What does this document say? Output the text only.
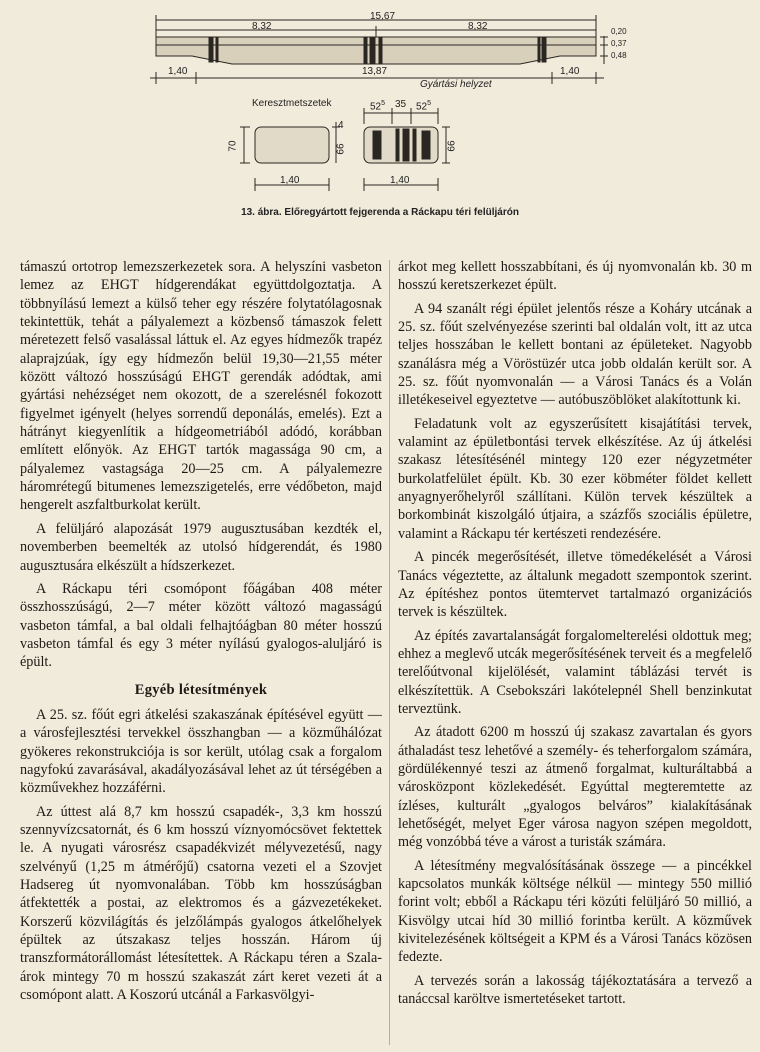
15,67
8,32	8,32	0,20
0,37
0,48
1,40	13,87	1,40
Gyártási helyzet
Keresztmetszetek
70
4
66
1,40
$52^5$ 35 $52^5$
66
1,40
13. ábra. Előregyártott fejgerenda a Ráckapu téri felüljárón

támaszú ortotrop lemezszerkezetek sora. A helyszíni vasbeton lemez az EHGT hídgerendákat együttdolgoztatja. A többnyílású lemezt a külső teher egy részére folytatólagosnak tekintettük, tehát a pályalemezt a közbenső támaszok felett méretezett felső vasalással láttuk el. Az egyes hídmezők trapéz alaprajzúak, így egy hídmezőn belül 19,30—21,55 méter között változó hosszúságú EHGT gerendák adódtak, ami gyártási nehézséget nem okozott, de a szerelésnél fokozott figyelmet igényelt (helyes sorrendű deponálás, emelés). Ezt a hátrányt kiegyenlítik a hídgeometriából adódó, korábban említett előnyök. Az EHGT tartók magassága 90 cm, a pályalemez vastagsága 20—25 cm. A pályalemezre háromrétegű bitumenes lemezszigetelés, erre védőbeton, majd hengerelt aszfaltburkolat került.

A felüljáró alapozását 1979 augusztusában kezdték el, novemberben beemelték az utolsó hídgerendát, és 1980 augusztusára elkészült a hídszerkezet.

A Ráckapu téri csomópont főágában 408 méter összhosszúságú, 2—7 méter között változó magasságú vasbeton támfal, a bal oldali felhajtóágban 80 méter hosszú vasbeton támfal és egy 3 méter nyílású gyalogos-aluljáró is épült.

Egyéb létesítmények

A 25. sz. főút egri átkelési szakaszának építésével együtt — a városfejlesztési tervekkel összhangban — a közműhálózat gyökeres rekonstrukciója is sor került, utólag csak a forgalom nagyfokú zavarásával, akadályozásával lehet az út térségében a közművekhez hozzáférni.

Az úttest alá 8,7 km hosszú csapadék-, 3,3 km hosszú szennyvízcsatornát, és 6 km hosszú víznyomócsövet fektettek le. A nyugati városrész csapadékvizét mélyvezetésű, nagy szelvényű (1,25 m átmérőjű) csatorna vezeti el a Szovjet Hadsereg út nyomvonalában. Több km hosszúságban átfektették a postai, az elektromos és a gázvezetékeket. Korszerű közvilágítás és jelzőlámpás gyalogos átkelőhelyek épültek az útszakasz teljes hosszán. Három új transzformátorállomást létesítettek. A Ráckapu téren a Szala-árok mintegy 70 m hosszú szakaszát zárt keret vezeti át a csomópont alatt. A Koszorú utcánál a Farkasvölgyi-

árkot meg kellett hosszabbítani, és új nyomvonalán kb. 30 m hosszú keretszerkezet épült.

A 94 szanált régi épület jelentős része a Koháry utcának a 25. sz. főút szelvényezése szerinti bal oldalán volt, itt az utca teljes hosszában le kellett bontani az épületeket. Nagyobb szanálásra még a Vöröstüzér utca jobb oldalán került sor. A 25. sz. főút nyomvonalán — a Városi Tanács és a Volán illetékeseivel egyeztetve — autóbuszöblöket alakítottunk ki.

Feladatunk volt az egyszerűsített kisajátítási tervek, valamint az épületbontási tervek elkészítése. Az új átkelési szakasz létesítésénél mintegy 120 ezer négyzetméter burkolatfelület épült. Kb. 30 ezer köbméter földet kellett anyagnyerőhelyről szállítani. Külön tervek készültek a borkombinát kiszolgáló útjaira, a százfős szociális épületre, valamint a Ráckapu tér kertészeti rendezésére.

A pincék megerősítését, illetve tömedékelését a Városi Tanács végeztette, az általunk megadott szempontok szerint. Az építéshez pontos ütemtervet tartalmazó organizációs tervek is készültek.

Az építés zavartalanságát forgalomelterelési oldottuk meg; ehhez a meglevő utcák megerősítésének terveit és a megfelelő terelőútvonal kijelölését, valamint táblázási tervét is elkészítettük. A Csebokszári lakótelepnél Shell benzinkutat terveztünk.

Az átadott 6200 m hosszú új szakasz zavartalan és gyors áthaladást tesz lehetővé a személy- és teherforgalom számára, gördülékennyé teszi az átmenő forgalmat, kulturáltabbá a városközpont közlekedését. Egyúttal megteremtette az ízléses, kulturált „gyalogos belváros” kialakításának lehetőségét, melyet Eger városa nagyon szépen megoldott, még vonzóbbá téve a várost a turisták számára.

A létesítmény megvalósításának összege — a pincékkel kapcsolatos munkák költsége nélkül — mintegy 550 millió forint volt; ebből a Ráckapu téri közúti felüljáró 50 millió, a Kisvölgy utcai híd 30 millió forintba került. A közművek kivitelezésének költségeit a KPM és a Városi Tanács közösen fedezte.

A tervezés során a lakosság tájékoztatására a tervező a tanáccsal karöltve ismertetéseket tartott.
